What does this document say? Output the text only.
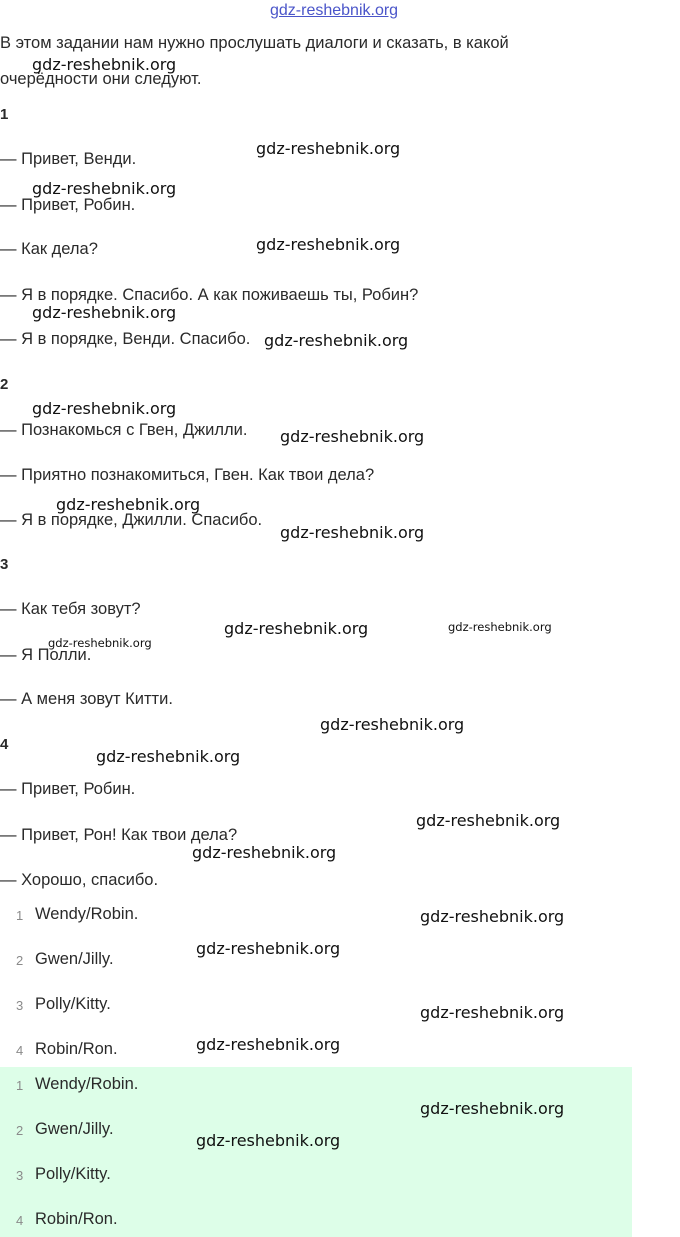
gdz-reshebnik.org
В этом задании нам нужно прослушать диалоги и сказать, в какой
очерёдности они следуют.
1
— Привет, Венди.
— Привет, Робин.
— Как дела?
— Я в порядке. Спасибо. А как поживаешь ты, Робин?
— Я в порядке, Венди. Спасибо.
2
— Познакомься с Гвен, Джилли.
— Приятно познакомиться, Гвен. Как твои дела?
— Я в порядке, Джилли. Спасибо.
3
— Как тебя зовут?
— Я Полли.
— А меня зовут Китти.
4
— Привет, Робин.
— Привет, Рон! Как твои дела?
— Хорошо, спасибо.
1 Wendy/Robin.
2 Gwen/Jilly.
3 Polly/Kitty.
4 Robin/Ron.
1 Wendy/Robin.
2 Gwen/Jilly.
3 Polly/Kitty.
4 Robin/Ron.
gdz-reshebnik.org
gdz-reshebnik.org
gdz-reshebnik.org
gdz-reshebnik.org
gdz-reshebnik.org
gdz-reshebnik.org
gdz-reshebnik.org
gdz-reshebnik.org
gdz-reshebnik.org
gdz-reshebnik.org
gdz-reshebnik.org	gdz-reshebnik.org
gdz-reshebnik.org
gdz-reshebnik.org
gdz-reshebnik.org
gdz-reshebnik.org
gdz-reshebnik.org
gdz-reshebnik.org
gdz-reshebnik.org
gdz-reshebnik.org
gdz-reshebnik.org
gdz-reshebnik.org
gdz-reshebnik.org
